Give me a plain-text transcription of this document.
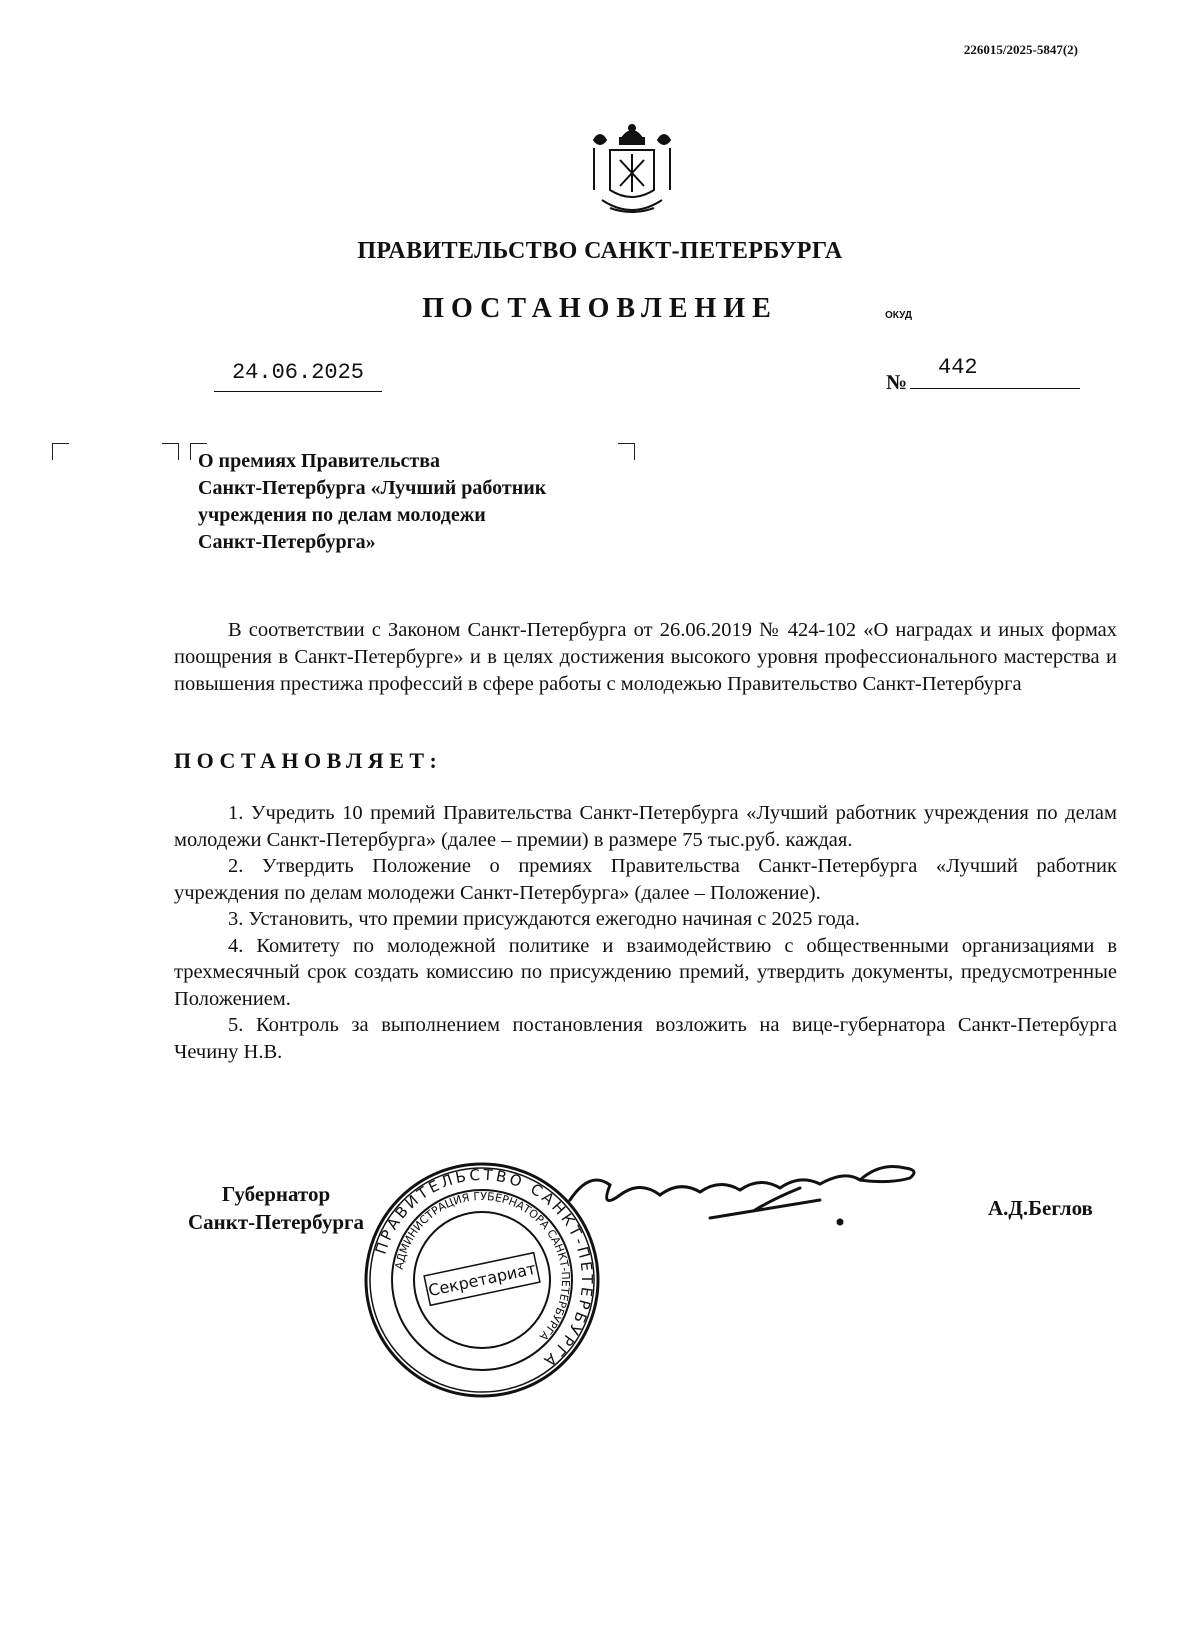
226015/2025-5847(2)
ПРАВИТЕЛЬСТВО САНКТ-ПЕТЕРБУРГА
ПОСТАНОВЛЕНИЕ	ОКУД
24.06.2025	№
442
О премиях Правительства
Санкт-Петербурга «Лучший работник
учреждения по делам молодежи
Санкт-Петербурга»
В соответствии с Законом Санкт-Петербурга от 26.06.2019 № 424-102 «О наградах и иных формах поощрения в Санкт-Петербурге» и в целях достижения высокого уровня профессионального мастерства и повышения престижа профессий в сфере работы с молодежью Правительство Санкт-Петербурга
ПОСТАНОВЛЯЕТ:

1. Учредить 10 премий Правительства Санкт-Петербурга «Лучший работник учреждения по делам молодежи Санкт-Петербурга» (далее – премии) в размере 75 тыс.руб. каждая.

2. Утвердить Положение о премиях Правительства Санкт-Петербурга «Лучший работник учреждения по делам молодежи Санкт-Петербурга» (далее – Положение).

3. Установить, что премии присуждаются ежегодно начиная с 2025 года.

4. Комитету по молодежной политике и взаимодействию с общественными организациями в трехмесячный срок создать комиссию по присуждению премий, утвердить документы, предусмотренные Положением.

5. Контроль за выполнением постановления возложить на вице-губернатора Санкт-Петербурга Чечину Н.В.

Губернатор
Санкт-Петербурга
ПРАВИТЕЛЬСТВО САНКТ-ПЕТЕРБУРГА
АДМИНИСТРАЦИЯ ГУБЕРНАТОРА САНКТ-ПЕТЕРБУРГА
Секретариат
А.Д.Беглов
